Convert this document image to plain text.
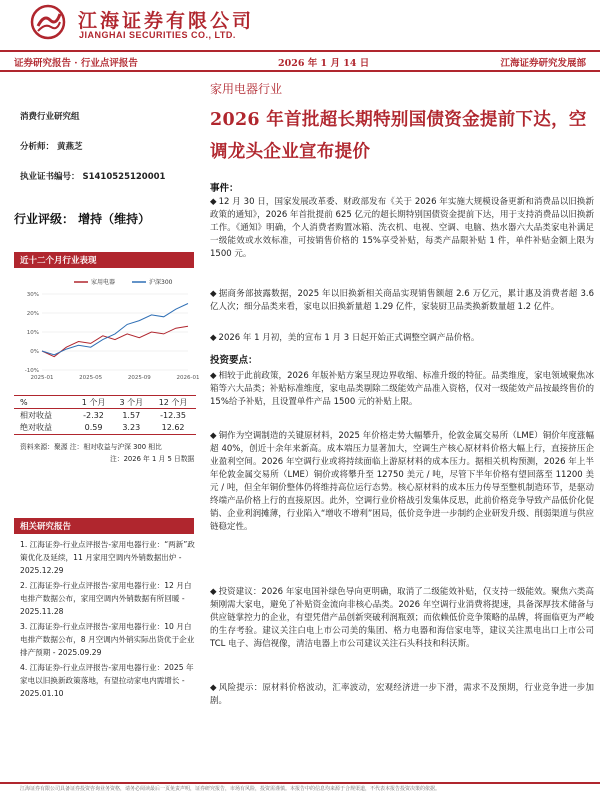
江海证券有限公司
JIANGHAI SECURITIES CO., LTD.
证券研究报告 · 行业点评报告	2026 年 1 月 14 日	江海证券研究发展部
消费行业研究组
分析师： 黄燕芝
执业证书编号： S1410525120001
行业评级： 增持（维持）
近十二个月行业表现
30%
20%
10%
0%
-10%
2025-01	2025-05	2025-09	2026-01
家用电器	沪深300
%	1 个月	3 个月	12 个月
相对收益	-2.32	1.57	-12.35
绝对收益	0.59	3.23	12.62
资料来源：聚源 注：相对收益与沪深 300 相比
注：2026 年 1 月 5 日数据
相关研究报告
1. 江海证券-行业点评报告-家用电器行业：“两新”政策优化及延续，11 月家用空调内外销数据出炉 - 2025.12.29
2. 江海证券-行业点评报告-家用电器行业：12 月白电排产数据公布，家用空调内外销数据有所回暖 - 2025.11.28
3. 江海证券-行业点评报告-家用电器行业：10 月白电排产数据公布，8 月空调内外销实际出货优于企业排产预期 - 2025.09.29
4. 江海证券-行业点评报告-家用电器行业：2025 年家电以旧换新政策落地，有望拉动家电内需增长 - 2025.01.10
家用电器行业
2026 年首批超长期特别国债资金提前下达，空调龙头企业宣布提价
事件：
◆ 12 月 30 日，国家发展改革委、财政部发布《关于 2026 年实施大规模设备更新和消费品以旧换新政策的通知》，2026 年首批提前 625 亿元的超长期特别国债资金提前下达，用于支持消费品以旧换新工作。《通知》明确，个人消费者购置冰箱、洗衣机、电视、空调、电脑、热水器六大品类家电补满足一级能效或水效标准，可按销售价格的 15%享受补贴，每类产品限补贴 1 件，单件补贴金额上限为 1500 元。
◆ 据商务部披露数据，2025 年以旧换新相关商品实现销售额超 2.6 万亿元，累计惠及消费者超 3.6 亿人次；细分品类来看，家电以旧换新量超 1.29 亿件，家装厨卫品类换新数量超 1.2 亿件。
◆ 2026 年 1 月初，美的宣布 1 月 3 日起开始正式调整空调产品价格。
投资要点：
◆ 相较于此前政策，2026 年版补贴方案呈现边界收缩、标准升级的特征。品类维度，家电领域聚焦冰箱等六大品类；补贴标准维度，家电品类剔除二级能效产品准入资格，仅对一级能效产品按最终售价的 15%给予补贴，且设置单件产品 1500 元的补贴上限。
◆ 铜作为空调制造的关键原材料，2025 年价格走势大幅攀升，伦敦金属交易所（LME）铜价年度涨幅超 40%，创近十余年来新高。成本端压力显著加大，空调生产核心原材料价格大幅上行，直接挤压企业盈利空间。2026 年空调行业或将持续面临上游原材料的成本压力。据相关机构预测，2026 年上半年伦敦金属交易所（LME）铜价或将攀升至 12750 美元 / 吨，尽管下半年价格有望回落至 11200 美元 / 吨，但全年铜价整体仍将维持高位运行态势。核心原材料的成本压力传导至整机制造环节，是驱动终端产品价格上行的直接原因。此外，空调行业价格战引发集体反思，此前价格竞争导致产品低价化促销、企业利润摊薄，行业陷入“增收不增利”困局，低价竞争进一步制约企业研发升级、削弱渠道与供应链稳定性。
◆ 投资建议：2026 年家电国补绿色导向更明确，取消了二级能效补贴，仅支持一级能效。聚焦六类高频刚需大家电，避免了补贴资金流向非核心品类。2026 年空调行业消费将提速，具备深厚技术储备与供应链掌控力的企业，有望凭借产品创新突破利润瓶颈；而依赖低价竞争策略的品牌，将面临更为严峻的生存考验。建议关注白电上市公司美的集团、格力电器和海信家电等，建议关注黑电出口上市公司 TCL 电子、海信视像，清洁电器上市公司建议关注石头科技和科沃斯。
◆ 风险提示：原材料价格波动，汇率波动，宏观经济进一步下滑，需求不及预期，行业竞争进一步加剧。
江海证券有限公司具备证券投资咨询业务资格，请务必阅读最后一页免责声明，证券研究报告，市场有风险，投资需谨慎。本报告中的信息均来源于合规渠道，不代表本报告投资决策的依据。
